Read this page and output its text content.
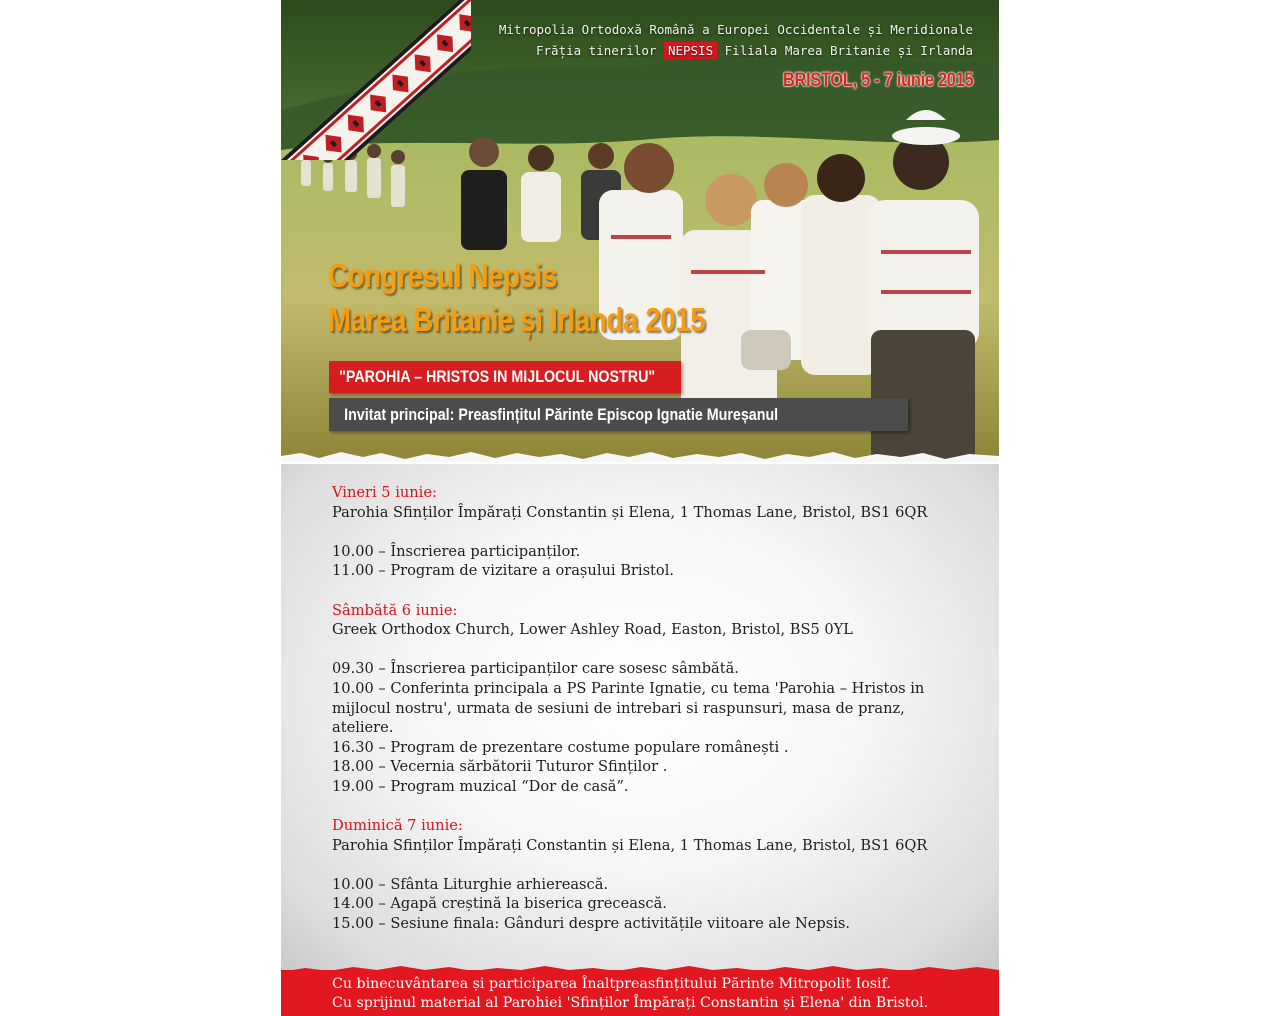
Mitropolia Ortodoxă Română a Europei Occidentale și Meridionale
Frăția tinerilor NEPSIS Filiala Marea Britanie și Irlanda
BRISTOL, 5 - 7 iunie 2015
Congresul Nepsis
Marea Britanie și Irlanda 2015
"PAROHIA – HRISTOS IN MIJLOCUL NOSTRU"
Invitat principal: Preasfințitul Părinte Episcop Ignatie Mureșanul
Vineri 5 iunie:
Parohia Sfinților Împărați Constantin și Elena, 1 Thomas Lane, Bristol, BS1 6QR
10.00 – Înscrierea participanților.
11.00 – Program de vizitare a orașului Bristol.
Sâmbătă 6 iunie:
Greek Orthodox Church, Lower Ashley Road, Easton, Bristol, BS5 0YL
09.30 – Înscrierea participanților care sosesc sâmbătă.
10.00 – Conferinta principala a PS Parinte Ignatie, cu tema 'Parohia – Hristos in mijlocul nostru', urmata de sesiuni de intrebari si raspunsuri, masa de pranz, ateliere.
16.30 – Program de prezentare costume populare românești .
18.00 – Vecernia sărbătorii Tuturor Sfinților .
19.00 – Program muzical “Dor de casă”.
Duminică 7 iunie:
Parohia Sfinților Împărați Constantin și Elena, 1 Thomas Lane, Bristol, BS1 6QR
10.00 – Sfânta Liturghie arhierească.
14.00 – Agapă creștină la biserica grecească.
15.00 – Sesiune finala: Gânduri despre activitățile viitoare ale Nepsis.
Cu binecuvântarea și participarea Înaltpreasfințitului Părinte Mitropolit Iosif.
Cu sprijinul material al Parohiei 'Sfinților Împărați Constantin și Elena' din Bristol.
